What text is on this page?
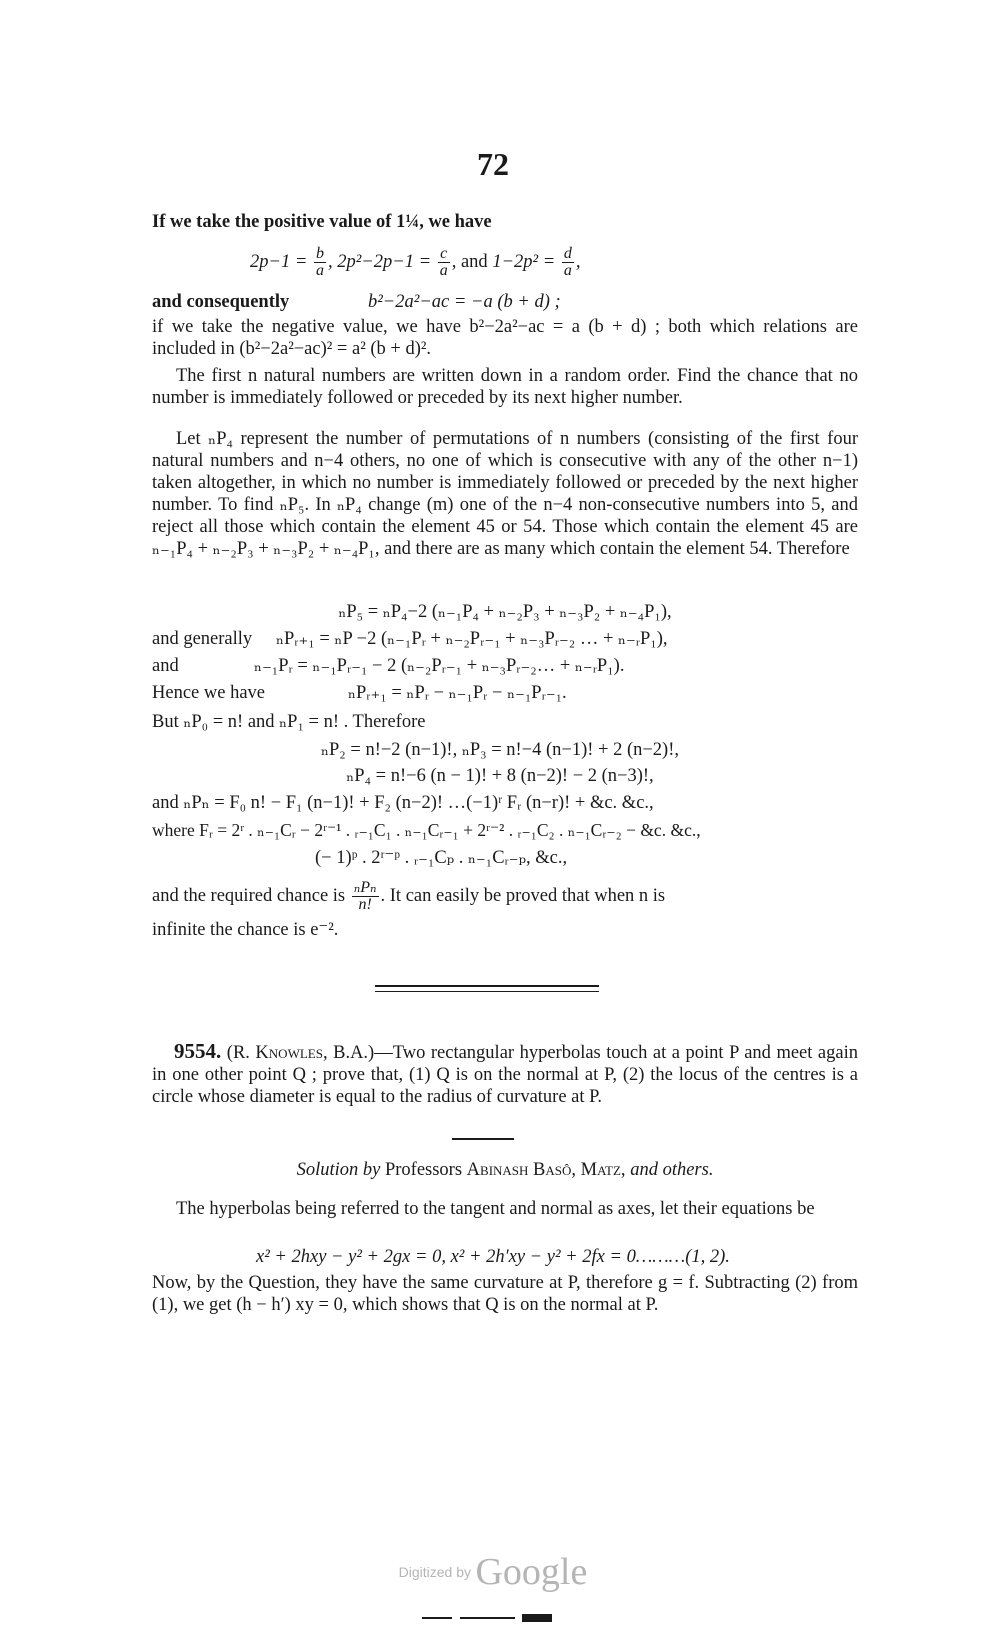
72
If we take the positive value of 1¼, we have
$2p-1 = \frac{b}{a}$ , $2p^2-2p-1 = \frac{c}{a}$ , and $1-2p^2 = \frac{d}{a}$ ,
and consequently	b²−2a²−ac = −a (b + d) ;
if we take the negative value, we have b²−2a²−ac = a (b + d) ; both which relations are included in (b²−2a²−ac)² = a² (b + d)².
The first n natural numbers are written down in a random order. Find the chance that no number is immediately followed or preceded by its next higher number.
Let ₙP₄ represent the number of permutations of n numbers (consisting of the first four natural numbers and n−4 others, no one of which is consecutive with any of the other n−1) taken altogether, in which no number is immediately followed or preceded by the next higher number. To find ₙP₅. In ₙP₄ change (m) one of the n−4 non-consecutive numbers into 5, and reject all those which contain the element 45 or 54. Those which contain the element 45 are ₙ₋₁P₄ + ₙ₋₂P₃ + ₙ₋₃P₂ + ₙ₋₄P₁, and there are as many which contain the element 54. Therefore
ₙP₅ = ₙP₄−2 (ₙ₋₁P₄ + ₙ₋₂P₃ + ₙ₋₃P₂ + ₙ₋₄P₁),
and generally ₙPᵣ₊₁ = ₙP −2 (ₙ₋₁Pᵣ + ₙ₋₂Pᵣ₋₁ + ₙ₋₃Pᵣ₋₂ … + ₙ₋ᵣP₁),
and	ₙ₋₁Pᵣ = ₙ₋₁Pᵣ₋₁ − 2 (ₙ₋₂Pᵣ₋₁ + ₙ₋₃Pᵣ₋₂… + ₙ₋ᵣP₁).
Hence we have	ₙPᵣ₊₁ = ₙPᵣ − ₙ₋₁Pᵣ − ₙ₋₁Pᵣ₋₁.
But ₙP₀ = n! and ₙP₁ = n! . Therefore
ₙP₂ = n!−2 (n−1)!, ₙP₃ = n!−4 (n−1)! + 2 (n−2)!,
ₙP₄ = n!−6 (n − 1)! + 8 (n−2)! − 2 (n−3)!,
and ₙPₙ = F₀ n! − F₁ (n−1)! + F₂ (n−2)! …(−1)ʳ Fᵣ (n−r)! + &c. &c.,
where Fᵣ = 2ʳ . ₙ₋₁Cᵣ − 2ʳ⁻¹ . ᵣ₋₁C₁ . ₙ₋₁Cᵣ₋₁ + 2ʳ⁻² . ᵣ₋₁C₂ . ₙ₋₁Cᵣ₋₂ − &c. &c.,
(− 1)ᵖ . 2ʳ⁻ᵖ . ᵣ₋₁Cₚ . ₙ₋₁Cᵣ₋ₚ, &c.,
and the required chance is $\frac{\text{ₙPₙ}}{n!}$ . It can easily be proved that when n is
infinite the chance is e⁻².
9554. (R. Knowles, B.A.)—Two rectangular hyperbolas touch at a point P and meet again in one other point Q ; prove that, (1) Q is on the normal at P, (2) the locus of the centres is a circle whose diameter is equal to the radius of curvature at P.
Solution by Professors Abinash Basô, Matz, and others.
The hyperbolas being referred to the tangent and normal as axes, let their equations be
x² + 2hxy − y² + 2gx = 0, x² + 2h′xy − y² + 2fx = 0………(1, 2).
Now, by the Question, they have the same curvature at P, therefore g = f. Subtracting (2) from (1), we get (h − h′) xy = 0, which shows that Q is on the normal at P.
Digitized by Google
